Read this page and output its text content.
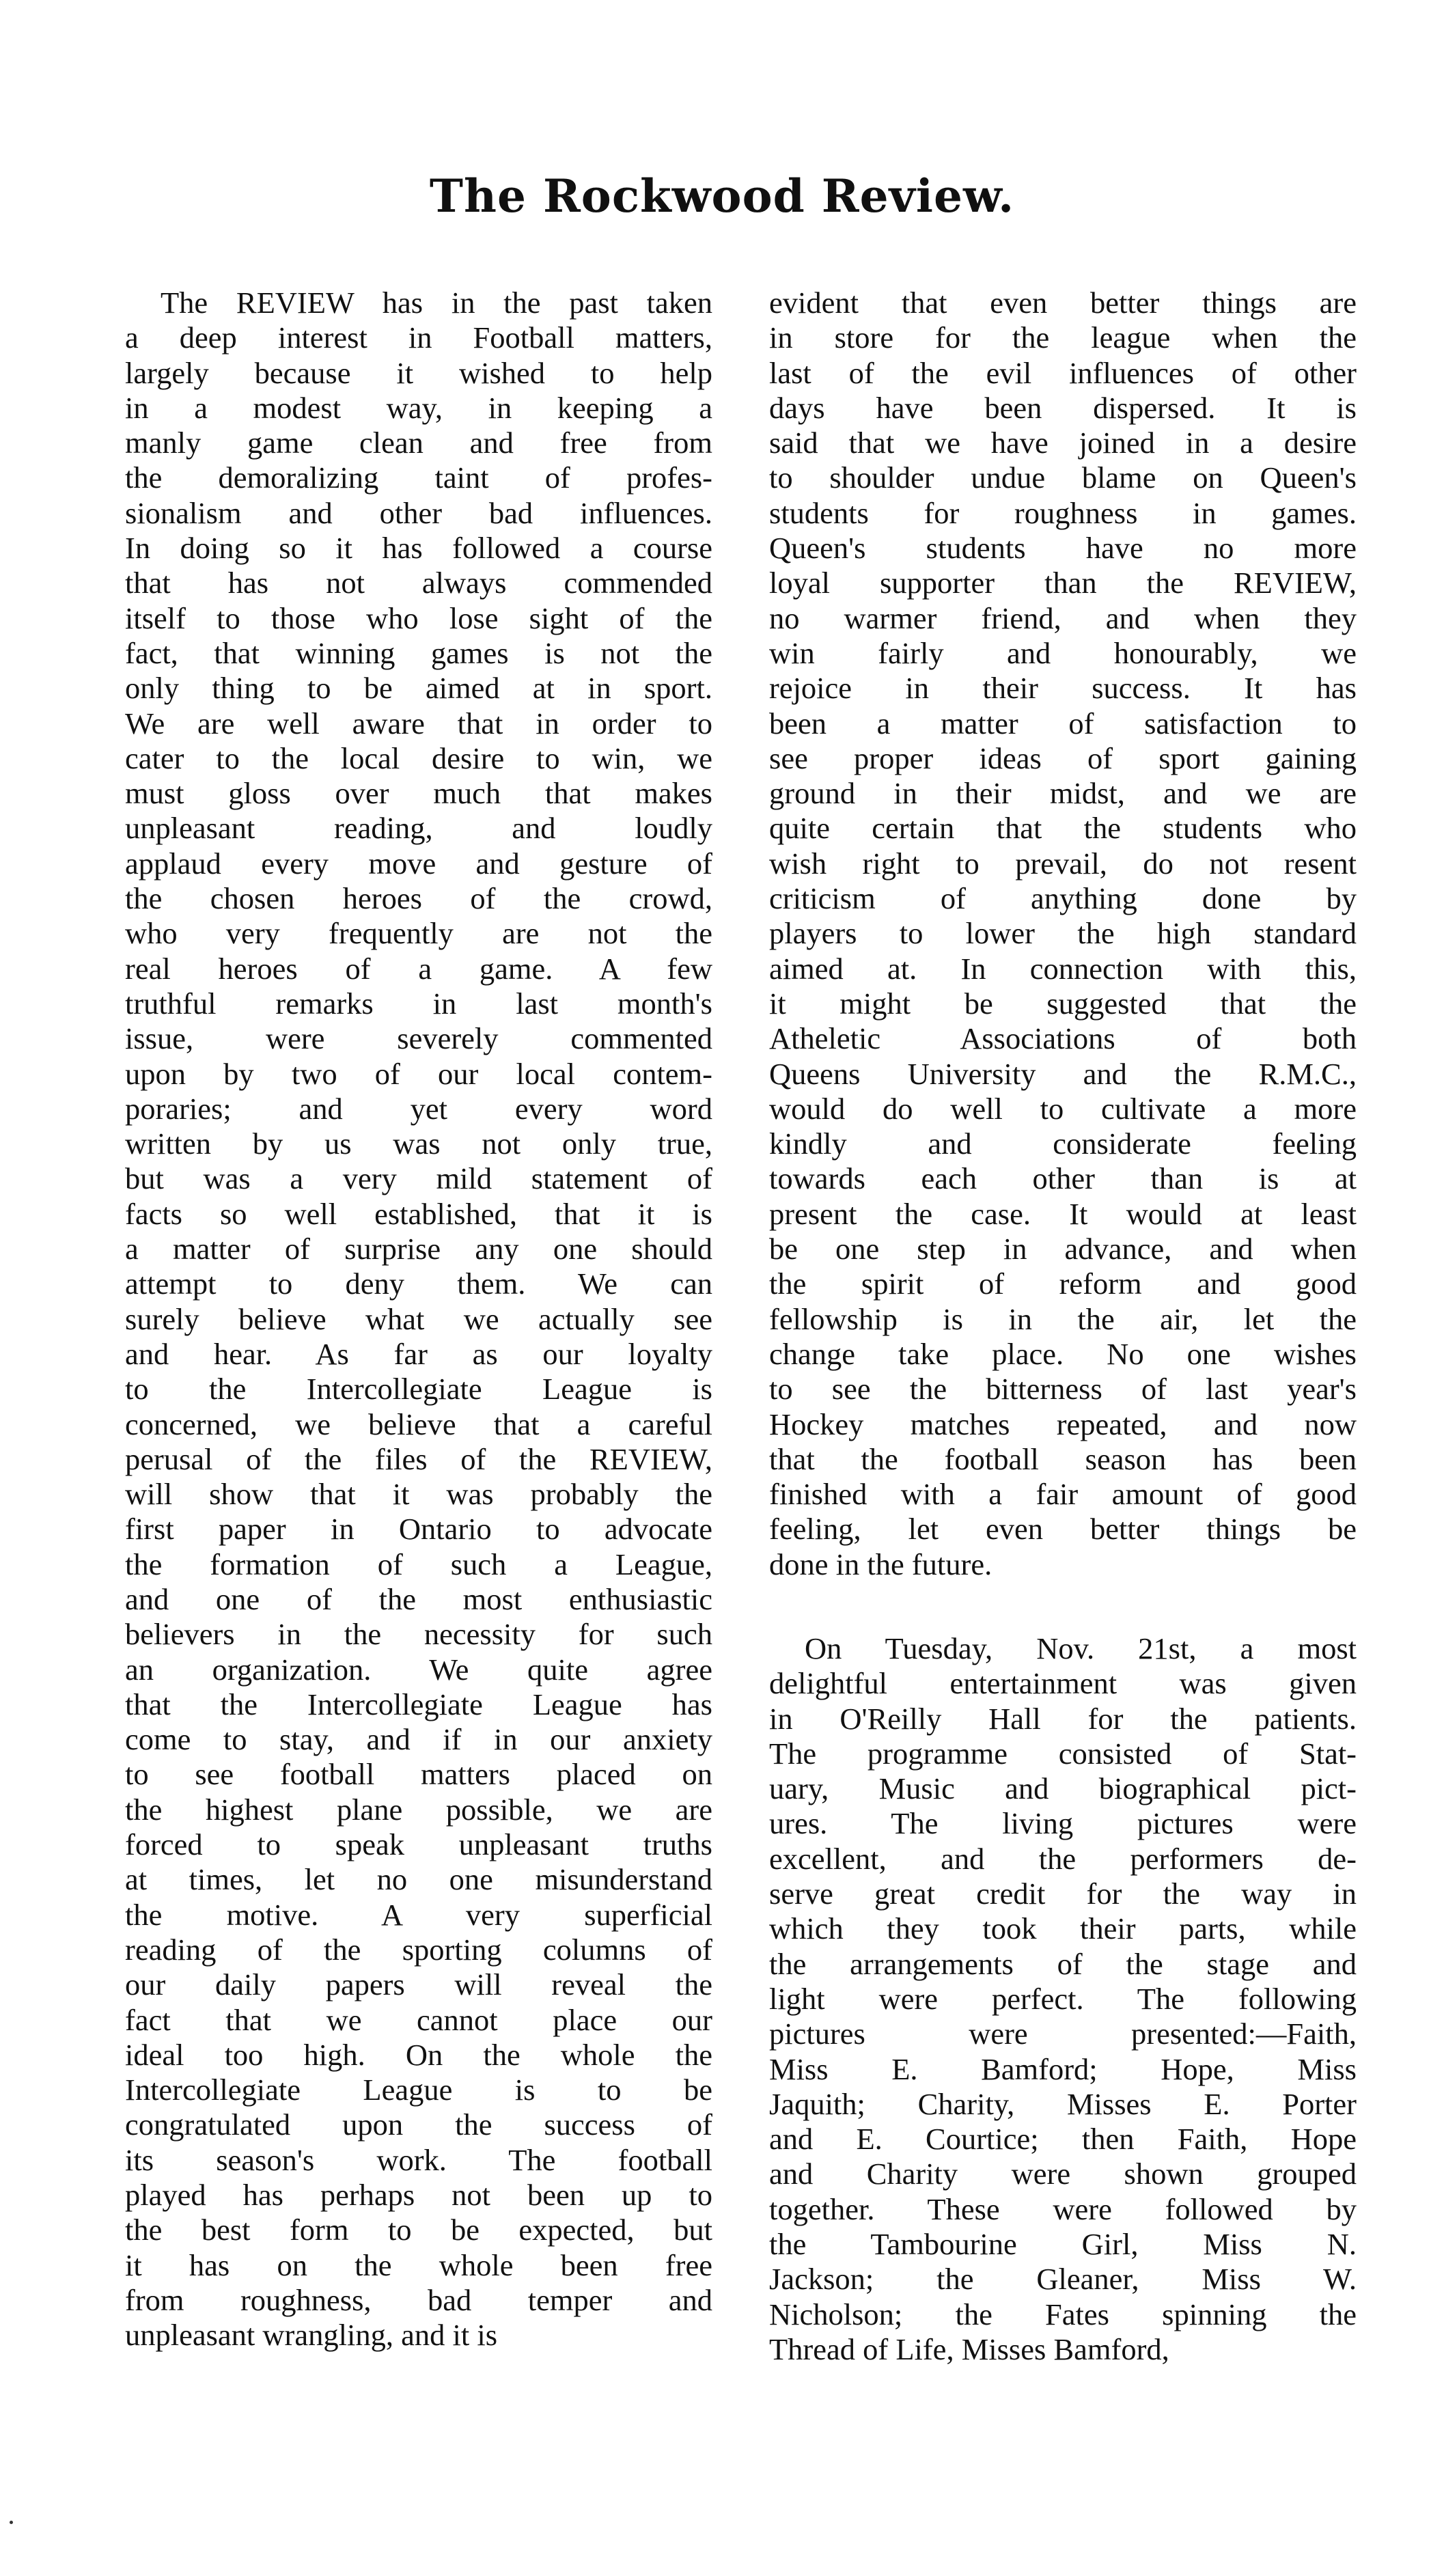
The Rockwood Review.
The REVIEW has in the past taken
a deep interest in Football matters,
largely because it wished to help
in a modest way, in keeping a
manly game clean and free from
the demoralizing taint of profes-
sionalism and other bad influences.
In doing so it has followed a course
that has not always commended
itself to those who lose sight of the
fact, that winning games is not the
only thing to be aimed at in sport.
We are well aware that in order to
cater to the local desire to win, we
must gloss over much that makes
unpleasant reading, and loudly
applaud every move and gesture of
the chosen heroes of the crowd,
who very frequently are not the
real heroes of a game. A few
truthful remarks in last month's
issue, were severely commented
upon by two of our local contem-
poraries; and yet every word
written by us was not only true,
but was a very mild statement of
facts so well established, that it is
a matter of surprise any one should
attempt to deny them. We can
surely believe what we actually see
and hear. As far as our loyalty
to the Intercollegiate League is
concerned, we believe that a careful
perusal of the files of the REVIEW,
will show that it was probably the
first paper in Ontario to advocate
the formation of such a League,
and one of the most enthusiastic
believers in the necessity for such
an organization. We quite agree
that the Intercollegiate League has
come to stay, and if in our anxiety
to see football matters placed on
the highest plane possible, we are
forced to speak unpleasant truths
at times, let no one misunderstand
the motive. A very superficial
reading of the sporting columns of
our daily papers will reveal the
fact that we cannot place our
ideal too high. On the whole the
Intercollegiate League is to be
congratulated upon the success of
its season's work. The football
played has perhaps not been up to
the best form to be expected, but
it has on the whole been free
from roughness, bad temper and
unpleasant wrangling, and it is
evident that even better things are
in store for the league when the
last of the evil influences of other
days have been dispersed. It is
said that we have joined in a desire
to shoulder undue blame on Queen's
students for roughness in games.
Queen's students have no more
loyal supporter than the REVIEW,
no warmer friend, and when they
win fairly and honourably, we
rejoice in their success. It has
been a matter of satisfaction to
see proper ideas of sport gaining
ground in their midst, and we are
quite certain that the students who
wish right to prevail, do not resent
criticism of anything done by
players to lower the high standard
aimed at. In connection with this,
it might be suggested that the
Atheletic Associations of both
Queens University and the R.M.C.,
would do well to cultivate a more
kindly and considerate feeling
towards each other than is at
present the case. It would at least
be one step in advance, and when
the spirit of reform and good
fellowship is in the air, let the
change take place. No one wishes
to see the bitterness of last year's
Hockey matches repeated, and now
that the football season has been
finished with a fair amount of good
feeling, let even better things be
done in the future.
On Tuesday, Nov. 21st, a most
delightful entertainment was given
in O'Reilly Hall for the patients.
The programme consisted of Stat-
uary, Music and biographical pict-
ures. The living pictures were
excellent, and the performers de-
serve great credit for the way in
which they took their parts, while
the arrangements of the stage and
light were perfect. The following
pictures were presented:—Faith,
Miss E. Bamford; Hope, Miss
Jaquith; Charity, Misses E. Porter
and E. Courtice; then Faith, Hope
and Charity were shown grouped
together. These were followed by
the Tambourine Girl, Miss N.
Jackson; the Gleaner, Miss W.
Nicholson; the Fates spinning the
Thread of Life, Misses Bamford,
